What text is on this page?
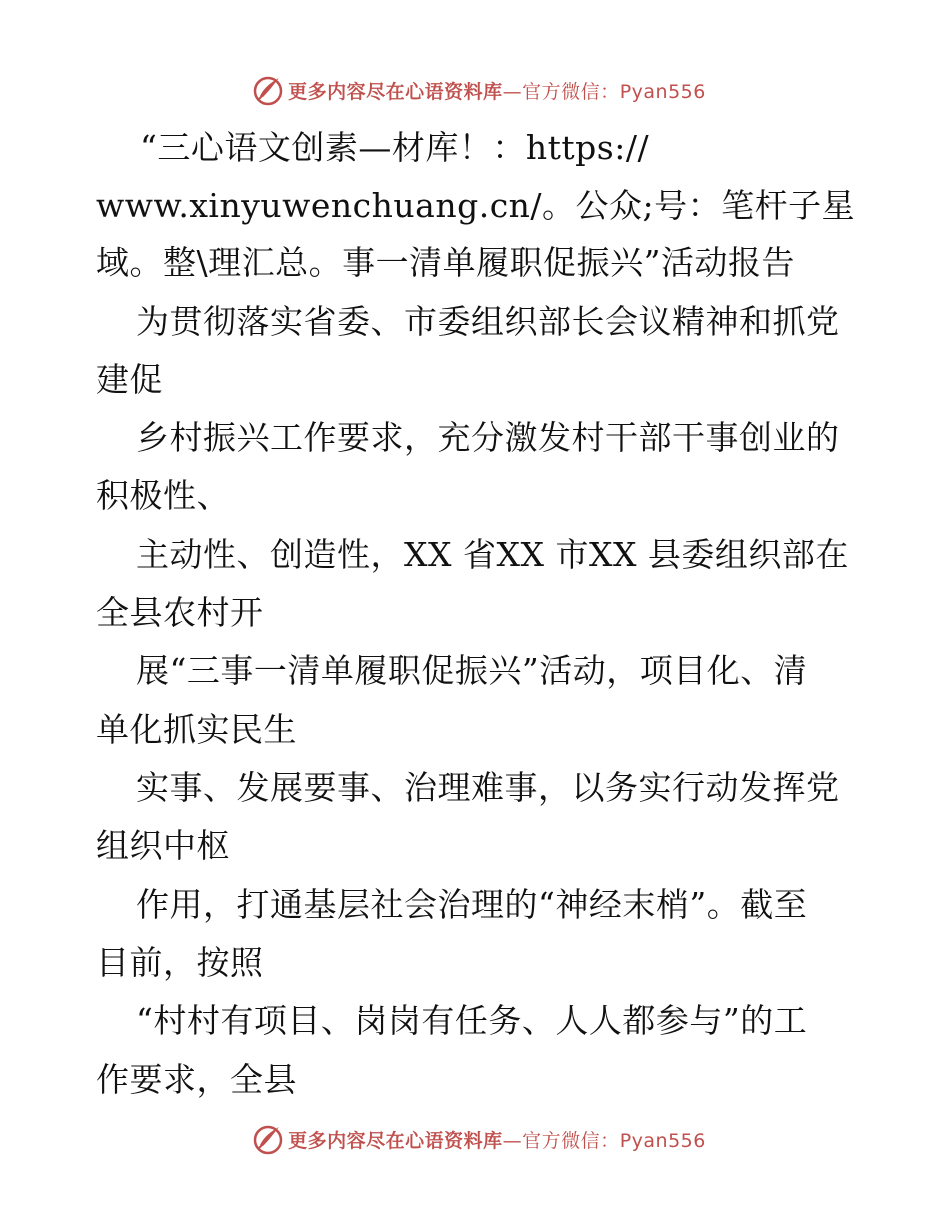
更多内容尽在心语资料库—官方微信：Pyan556
“三心语文创素—材库！：https://
www.xinyuwenchuang.cn/。公众;号：笔杆子星
域。整\理汇总。事一清单履职促振兴”活动报告
为贯彻落实省委、市委组织部长会议精神和抓党
建促
乡村振兴工作要求，充分激发村干部干事创业的
积极性、
主动性、创造性，XX 省XX 市XX 县委组织部在
全县农村开
展“三事一清单履职促振兴”活动，项目化、清
单化抓实民生
实事、发展要事、治理难事，以务实行动发挥党
组织中枢
作用，打通基层社会治理的“神经末梢”。截至
目前，按照
“村村有项目、岗岗有任务、人人都参与”的工
作要求，全县
更多内容尽在心语资料库—官方微信：Pyan556
